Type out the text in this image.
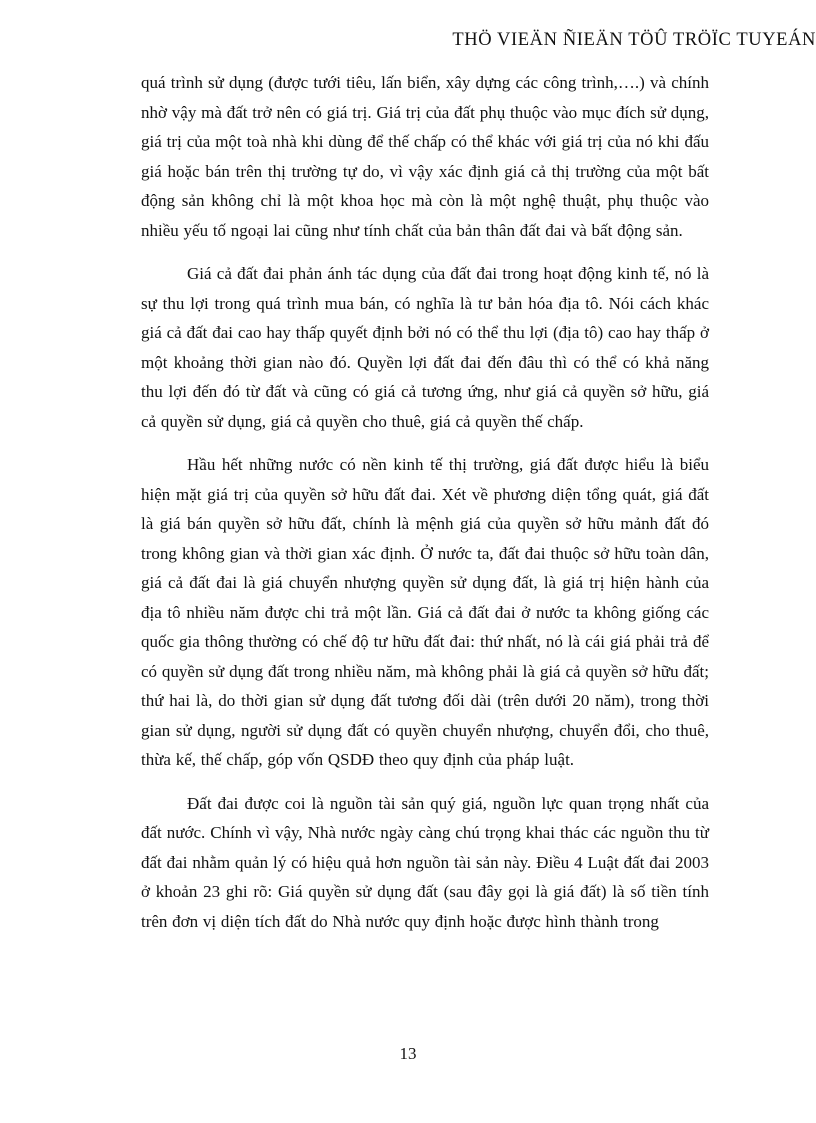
THÖ VIEÄN ÑIEÄN TÖÛ TRÖÏC TUYEÁN

quá trình sử dụng (được tưới tiêu, lấn biển, xây dựng các công trình,….) và chính nhờ vậy mà đất trở nên có giá trị. Giá trị của đất phụ thuộc vào mục đích sử dụng, giá trị của một toà nhà khi dùng để thế chấp có thể khác với giá trị của nó khi đấu giá hoặc bán trên thị trường tự do, vì vậy xác định giá cả thị trường của một bất động sản không chỉ là một khoa học mà còn là một nghệ thuật, phụ thuộc vào nhiều yếu tố ngoại lai cũng như tính chất của bản thân đất đai và bất động sản.

Giá cả đất đai phản ánh tác dụng của đất đai trong hoạt động kinh tế, nó là sự thu lợi trong quá trình mua bán, có nghĩa là tư bản hóa địa tô. Nói cách khác giá cả đất đai cao hay thấp quyết định bởi nó có thể thu lợi (địa tô) cao hay thấp ở một khoảng thời gian nào đó. Quyền lợi đất đai đến đâu thì có thể có khả năng thu lợi đến đó từ đất và cũng có giá cả tương ứng, như giá cả quyền sở hữu, giá cả quyền sử dụng, giá cả quyền cho thuê, giá cả quyền thế chấp.

Hầu hết những nước có nền kinh tế thị trường, giá đất được hiểu là biểu hiện mặt giá trị của quyền sở hữu đất đai. Xét về phương diện tổng quát, giá đất là giá bán quyền sở hữu đất, chính là mệnh giá của quyền sở hữu mảnh đất đó trong không gian và thời gian xác định. Ở nước ta, đất đai thuộc sở hữu toàn dân, giá cả đất đai là giá chuyển nhượng quyền sử dụng đất, là giá trị hiện hành của địa tô nhiều năm được chi trả một lần. Giá cả đất đai ở nước ta không giống các quốc gia thông thường có chế độ tư hữu đất đai: thứ nhất, nó là cái giá phải trả để có quyền sử dụng đất trong nhiều năm, mà không phải là giá cả quyền sở hữu đất; thứ hai là, do thời gian sử dụng đất tương đối dài (trên dưới 20 năm), trong thời gian sử dụng, người sử dụng đất có quyền chuyển nhượng, chuyển đổi, cho thuê, thừa kế, thế chấp, góp vốn QSDĐ theo quy định của pháp luật.

Đất đai được coi là nguồn tài sản quý giá, nguồn lực quan trọng nhất của đất nước. Chính vì vậy, Nhà nước ngày càng chú trọng khai thác các nguồn thu từ đất đai nhằm quản lý có hiệu quả hơn nguồn tài sản này. Điều 4 Luật đất đai 2003 ở khoản 23 ghi rõ: Giá quyền sử dụng đất (sau đây gọi là giá đất) là số tiền tính trên đơn vị diện tích đất do Nhà nước quy định hoặc được hình thành trong

13
